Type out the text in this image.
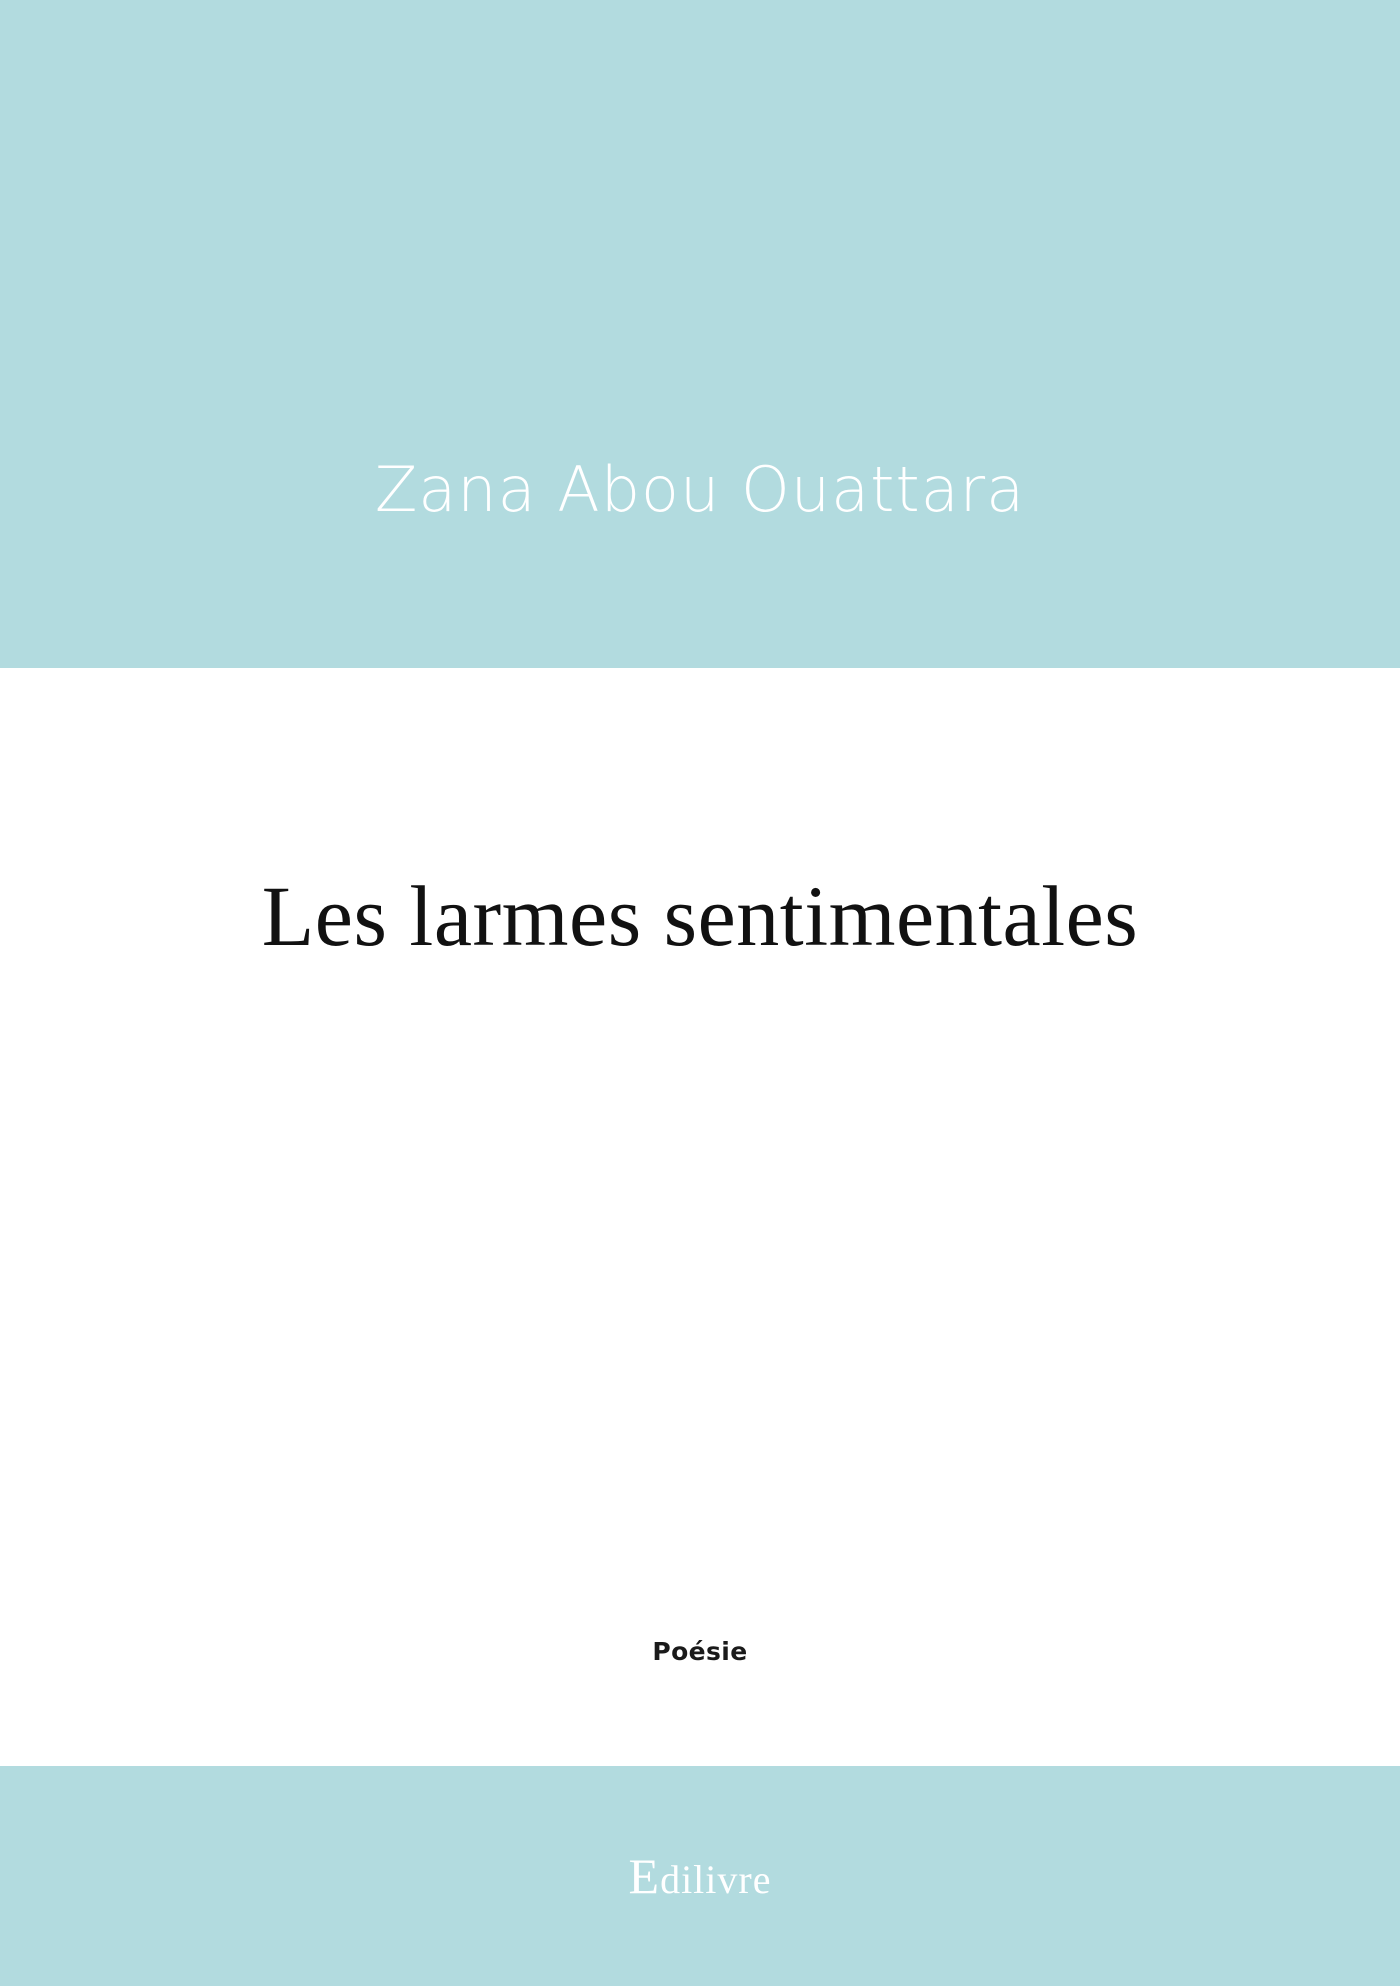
Zana Abou Ouattara
Les larmes sentimentales
Poésie
Edilivre
